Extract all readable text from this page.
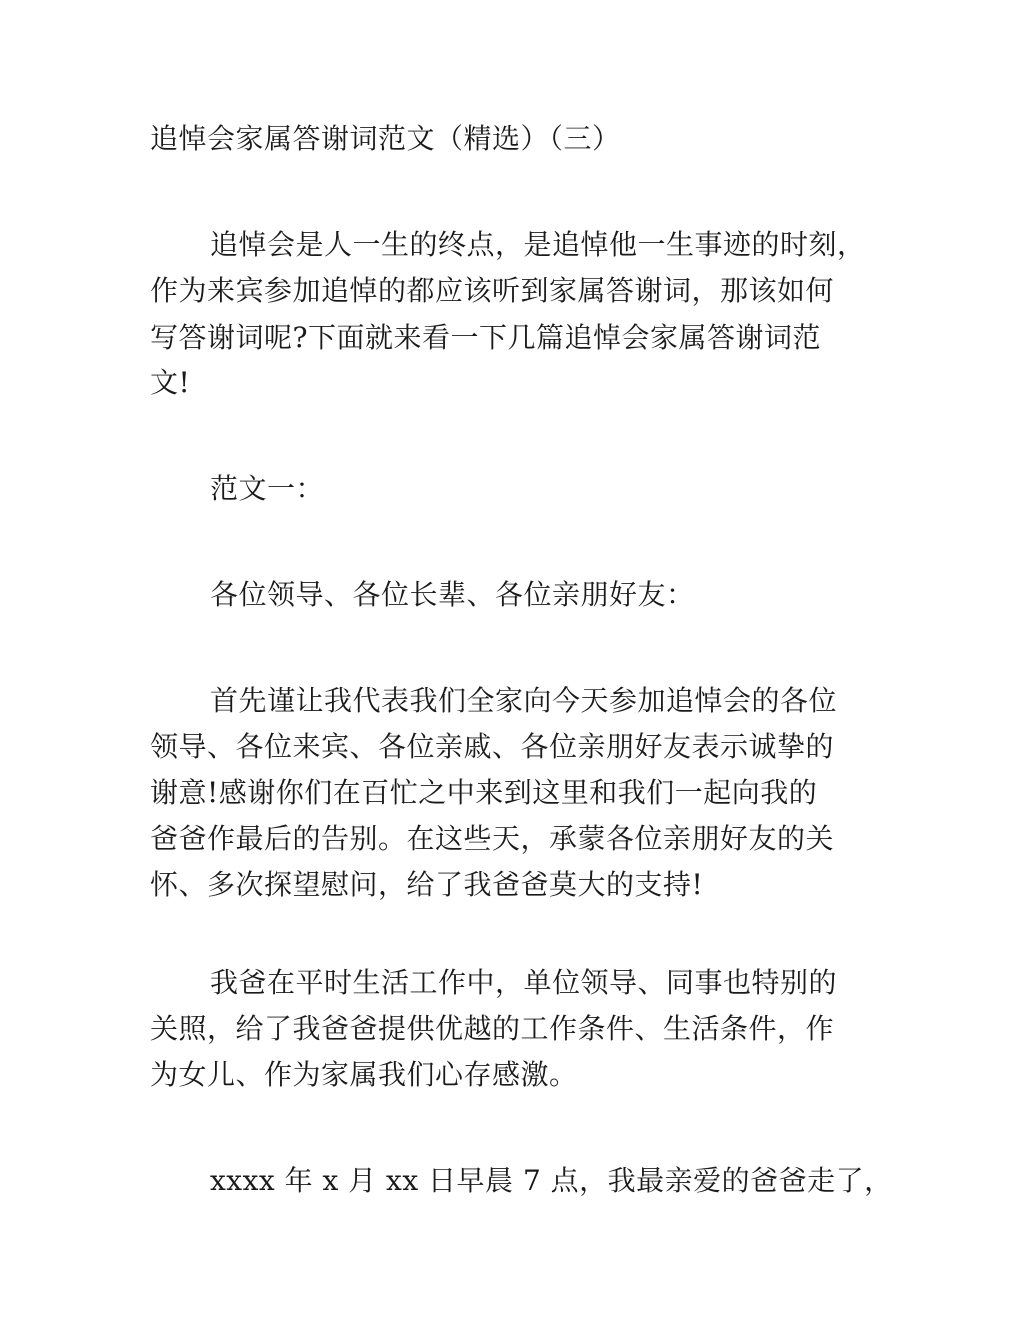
追悼会家属答谢词范文（精选）（三）
追悼会是人一生的终点，是追悼他一生事迹的时刻，
作为来宾参加追悼的都应该听到家属答谢词，那该如何
写答谢词呢?下面就来看一下几篇追悼会家属答谢词范
文!
范文一：
各位领导、各位长辈、各位亲朋好友：
首先谨让我代表我们全家向今天参加追悼会的各位
领导、各位来宾、各位亲戚、各位亲朋好友表示诚挚的
谢意!感谢你们在百忙之中来到这里和我们一起向我的
爸爸作最后的告别。在这些天，承蒙各位亲朋好友的关
怀、多次探望慰问，给了我爸爸莫大的支持!
我爸在平时生活工作中，单位领导、同事也特别的
关照，给了我爸爸提供优越的工作条件、生活条件，作
为女儿、作为家属我们心存感激。
xxxx 年 x 月 xx 日早晨 7 点，我最亲爱的爸爸走了，
